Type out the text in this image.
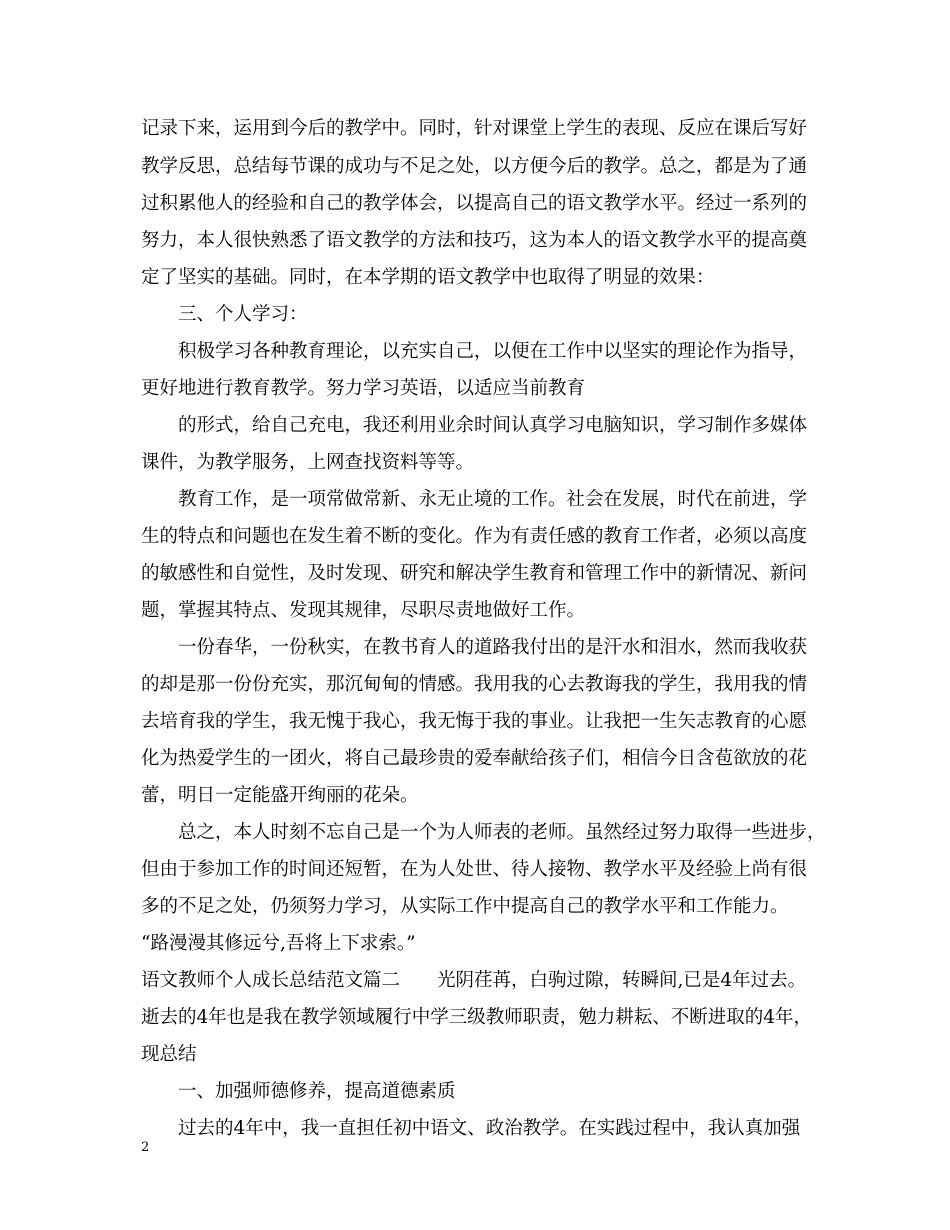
记录下来，运用到今后的教学中。同时，针对课堂上学生的表现、反应在课后写好
教学反思，总结每节课的成功与不足之处，以方便今后的教学。总之，都是为了通
过积累他人的经验和自己的教学体会，以提高自己的语文教学水平。经过一系列的
努力，本人很快熟悉了语文教学的方法和技巧，这为本人的语文教学水平的提高奠
定了坚实的基础。同时，在本学期的语文教学中也取得了明显的效果：
三、个人学习：
积极学习各种教育理论，以充实自己，以便在工作中以坚实的理论作为指导，
更好地进行教育教学。努力学习英语，以适应当前教育
的形式，给自己充电，我还利用业余时间认真学习电脑知识，学习制作多媒体
课件，为教学服务，上网查找资料等等。
教育工作，是一项常做常新、永无止境的工作。社会在发展，时代在前进，学
生的特点和问题也在发生着不断的变化。作为有责任感的教育工作者，必须以高度
的敏感性和自觉性，及时发现、研究和解决学生教育和管理工作中的新情况、新问
题，掌握其特点、发现其规律，尽职尽责地做好工作。
一份春华，一份秋实，在教书育人的道路我付出的是汗水和泪水，然而我收获
的却是那一份份充实，那沉甸甸的情感。我用我的心去教诲我的学生，我用我的情
去培育我的学生，我无愧于我心，我无悔于我的事业。让我把一生矢志教育的心愿
化为热爱学生的一团火，将自己最珍贵的爱奉献给孩子们，相信今日含苞欲放的花
蕾，明日一定能盛开绚丽的花朵。
总之，本人时刻不忘自己是一个为人师表的老师。虽然经过努力取得一些进步，
但由于参加工作的时间还短暂，在为人处世、待人接物、教学水平及经验上尚有很
多的不足之处，仍须努力学习，从实际工作中提高自己的教学水平和工作能力。
“路漫漫其修远兮,吾将上下求索。”
语文教师个人成长总结范文篇二　　光阴荏苒，白驹过隙，转瞬间,已是4年过去。
逝去的4年也是我在教学领域履行中学三级教师职责，勉力耕耘、不断进取的4年，
现总结
一、加强师德修养，提高道德素质
过去的4年中，我一直担任初中语文、政治教学。在实践过程中，我认真加强
2
